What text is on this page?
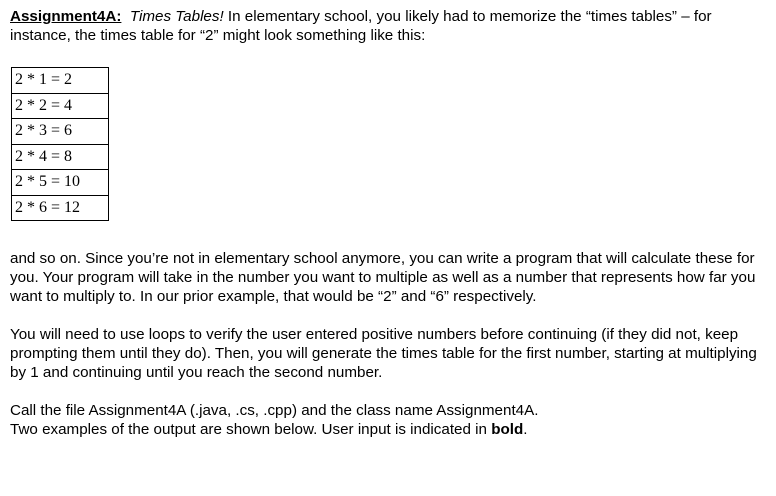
Assignment4A: Times Tables! In elementary school, you likely had to memorize the “times tables” – for instance, the times table for “2” might look something like this:

2 * 1 = 2
2 * 2 = 4
2 * 3 = 6
2 * 4 = 8
2 * 5 = 10
2 * 6 = 12

and so on. Since you’re not in elementary school anymore, you can write a program that will calculate these for you. Your program will take in the number you want to multiple as well as a number that represents how far you want to multiply to. In our prior example, that would be “2” and “6” respectively.

You will need to use loops to verify the user entered positive numbers before continuing (if they did not, keep prompting them until they do). Then, you will generate the times table for the first number, starting at multiplying by 1 and continuing until you reach the second number.

Call the file Assignment4A (.java, .cs, .cpp) and the class name Assignment4A.
Two examples of the output are shown below. User input is indicated in bold.
